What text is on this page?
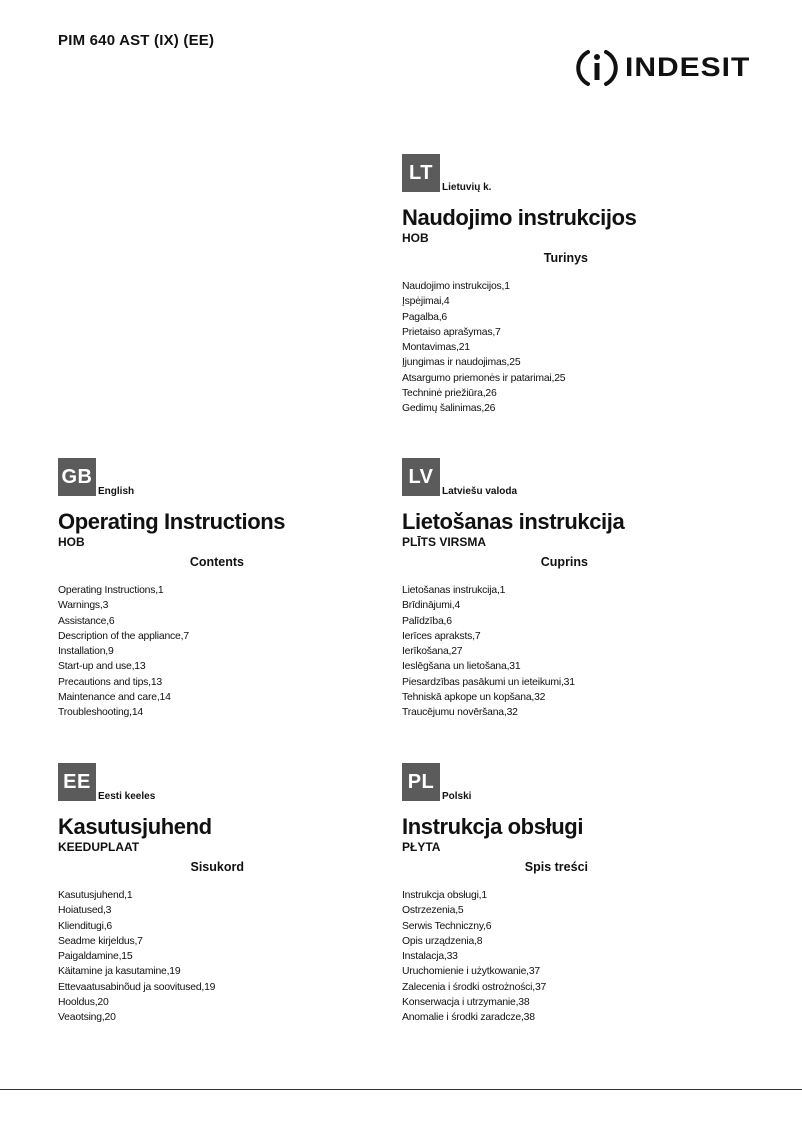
PIM 640 AST (IX) (EE)
INDESIT
LT
Lietuvių k.
Naudojimo instrukcijos
HOB
Turinys
Naudojimo instrukcijos,1
Įspėjimai,4
Pagalba,6
Prietaiso aprašymas,7
Montavimas,21
Įjungimas ir naudojimas,25
Atsargumo priemonės ir patarimai,25
Techninė priežiūra,26
Gedimų šalinimas,26
GB
English
Operating Instructions
HOB
Contents
Operating Instructions,1
Warnings,3
Assistance,6
Description of the appliance,7
Installation,9
Start-up and use,13
Precautions and tips,13
Maintenance and care,14
Troubleshooting,14
LV
Latviešu valoda
Lietošanas instrukcija
PLĪTS VIRSMA
Cuprins
Lietošanas instrukcija,1
Brīdinājumi,4
Palīdzība,6
Ierīces apraksts,7
Ierīkošana,27
Ieslēgšana un lietošana,31
Piesardzības pasākumi un ieteikumi,31
Tehniskā apkope un kopšana,32
Traucējumu novēršana,32
EE
Eesti keeles
Kasutusjuhend
KEEDUPLAAT
Sisukord
Kasutusjuhend,1
Hoiatused,3
Klienditugi,6
Seadme kirjeldus,7
Paigaldamine,15
Käitamine ja kasutamine,19
Ettevaatusabinõud ja soovitused,19
Hooldus,20
Veaotsing,20
PL
Polski
Instrukcja obsługi
PŁYTA
Spis treści
Instrukcja obsługi,1
Ostrzezenia,5
Serwis Techniczny,6
Opis urządzenia,8
Instalacja,33
Uruchomienie i użytkowanie,37
Zalecenia i środki ostrożności,37
Konserwacja i utrzymanie,38
Anomalie i środki zaradcze,38
